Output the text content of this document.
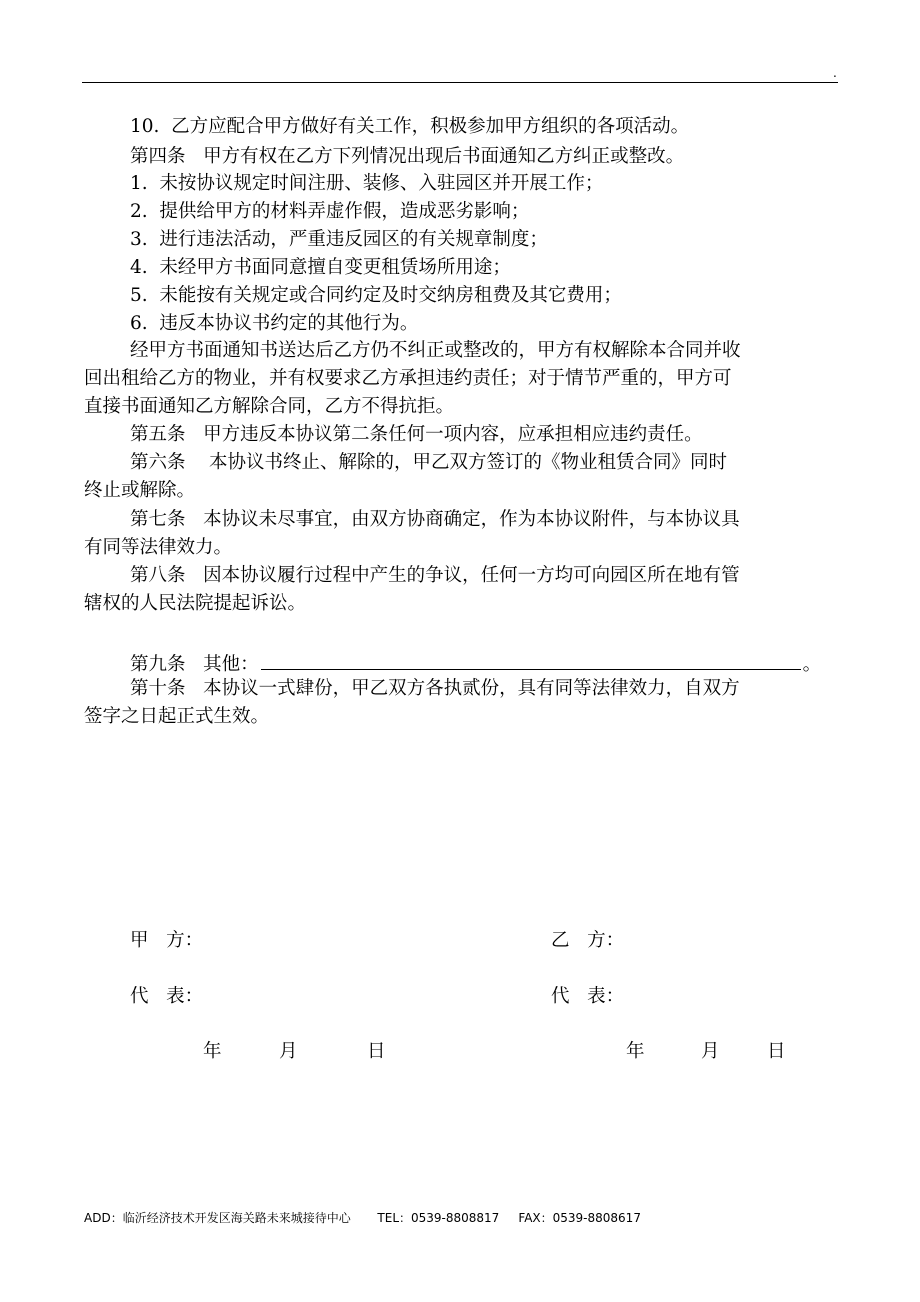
.
10.  乙方应配合甲方做好有关工作，积极参加甲方组织的各项活动。
第四条   甲方有权在乙方下列情况出现后书面通知乙方纠正或整改。
1.  未按协议规定时间注册、装修、入驻园区并开展工作；
2.  提供给甲方的材料弄虚作假，造成恶劣影响；
3.  进行违法活动，严重违反园区的有关规章制度；
4.  未经甲方书面同意擅自变更租赁场所用途；
5.  未能按有关规定或合同约定及时交纳房租费及其它费用；
6.  违反本协议书约定的其他行为。
经甲方书面通知书送达后乙方仍不纠正或整改的，甲方有权解除本合同并收
回出租给乙方的物业，并有权要求乙方承担违约责任；对于情节严重的，甲方可
直接书面通知乙方解除合同，乙方不得抗拒。
第五条   甲方违反本协议第二条任何一项内容，应承担相应违约责任。
第六条    本协议书终止、解除的，甲乙双方签订的《物业租赁合同》同时
终止或解除。
第七条   本协议未尽事宜，由双方协商确定，作为本协议附件，与本协议具
有同等法律效力。
第八条   因本协议履行过程中产生的争议，任何一方均可向园区所在地有管
辖权的人民法院提起诉讼。
第九条   其他：	。
第十条   本协议一式肆份，甲乙双方各执贰份，具有同等法律效力，自双方
签字之日起正式生效。
甲   方：	乙   方：
代   表：	代   表：
年	月	日	年	月	日
ADD：临沂经济技术开发区海关路未来城接待中心 TEL：0539-8808817 FAX：0539-8808617
